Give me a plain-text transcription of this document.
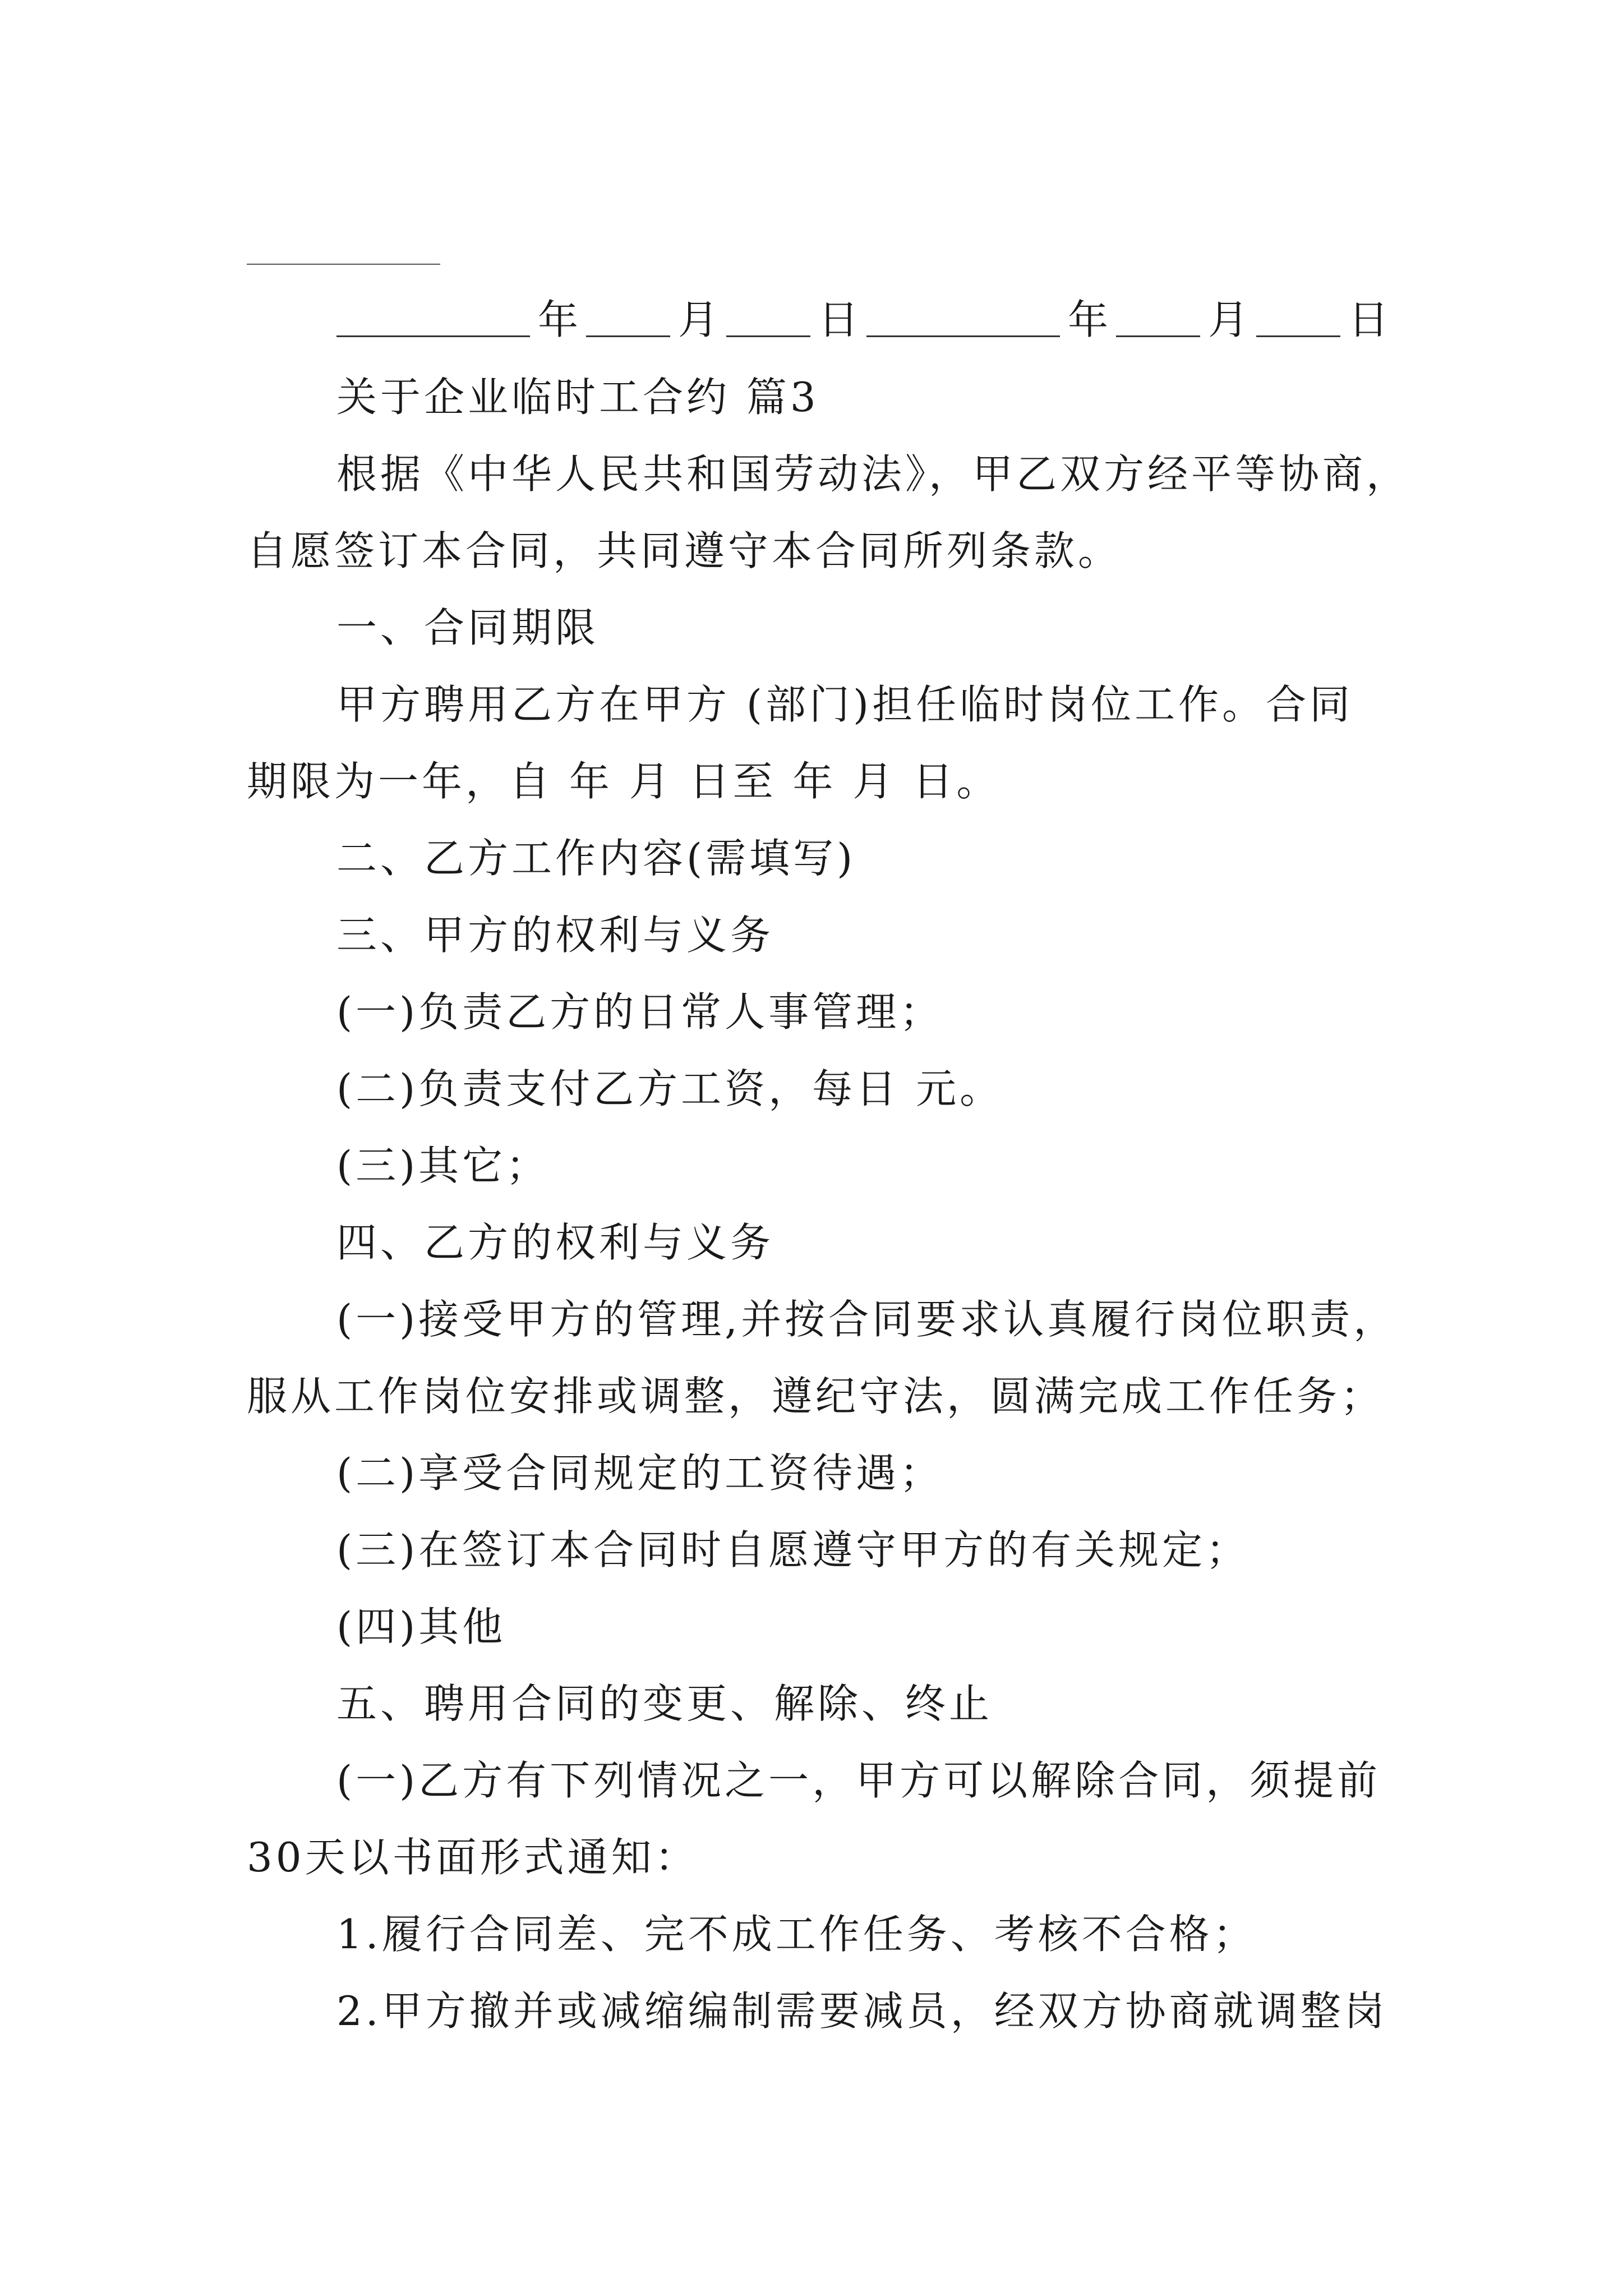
年 月 日	年 月 日
关于企业临时工合约 篇3
根据《中华人民共和国劳动法》，甲乙双方经平等协商，
自愿签订本合同，共同遵守本合同所列条款。
一、合同期限
甲方聘用乙方在甲方 (部门)担任临时岗位工作。合同
期限为一年，自 年 月 日至 年 月 日。
二、乙方工作内容(需填写)
三、甲方的权利与义务
(一)负责乙方的日常人事管理；
(二)负责支付乙方工资，每日 元。
(三)其它；
四、乙方的权利与义务
(一)接受甲方的管理,并按合同要求认真履行岗位职责，
服从工作岗位安排或调整，遵纪守法，圆满完成工作任务；
(二)享受合同规定的工资待遇；
(三)在签订本合同时自愿遵守甲方的有关规定；
(四)其他
五、聘用合同的变更、解除、终止
(一)乙方有下列情况之一，甲方可以解除合同，须提前
30天以书面形式通知：
1.履行合同差、完不成工作任务、考核不合格；
2.甲方撤并或减缩编制需要减员，经双方协商就调整岗
